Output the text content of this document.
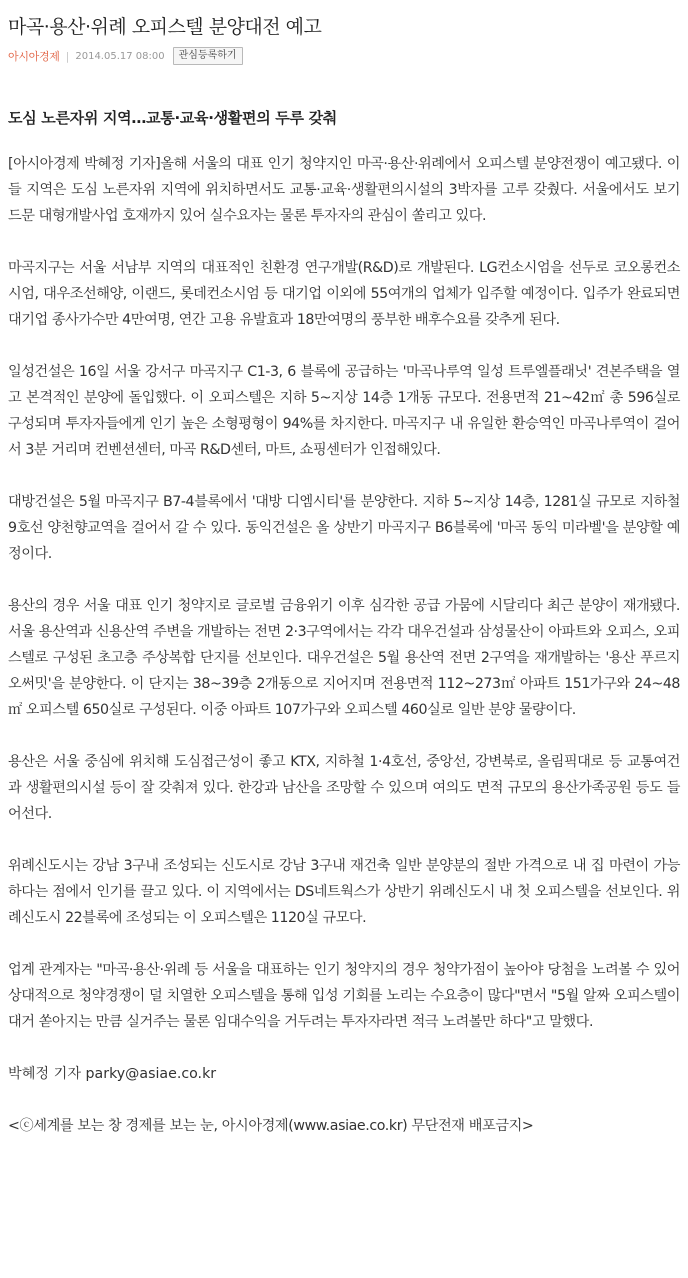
마곡·용산·위례 오피스텔 분양대전 예고
아시아경제 | 2014.05.17 08:00	관심등록하기
도심 노른자위 지역…교통·교육·생활편의 두루 갖춰

[아시아경제 박혜정 기자]올해 서울의 대표 인기 청약지인 마곡·용산·위례에서 오피스텔 분양전쟁이 예고됐다. 이들 지역은 도심 노른자위 지역에 위치하면서도 교통·교육·생활편의시설의 3박자를 고루 갖췄다. 서울에서도 보기 드문 대형개발사업 호재까지 있어 실수요자는 물론 투자자의 관심이 쏠리고 있다.

마곡지구는 서울 서남부 지역의 대표적인 친환경 연구개발(R&D)로 개발된다. LG컨소시엄을 선두로 코오롱컨소시엄, 대우조선해양, 이랜드, 롯데컨소시엄 등 대기업 이외에 55여개의 업체가 입주할 예정이다. 입주가 완료되면 대기업 종사가수만 4만여명, 연간 고용 유발효과 18만여명의 풍부한 배후수요를 갖추게 된다.

일성건설은 16일 서울 강서구 마곡지구 C1-3, 6 블록에 공급하는 '마곡나루역 일성 트루엘플래닛' 견본주택을 열고 본격적인 분양에 돌입했다. 이 오피스텔은 지하 5~지상 14층 1개동 규모다. 전용면적 21~42㎡ 총 596실로 구성되며 투자자들에게 인기 높은 소형평형이 94%를 차지한다. 마곡지구 내 유일한 환승역인 마곡나루역이 걸어서 3분 거리며 컨벤션센터, 마곡 R&D센터, 마트, 쇼핑센터가 인접해있다.

대방건설은 5월 마곡지구 B7-4블록에서 '대방 디엠시티'를 분양한다. 지하 5~지상 14층, 1281실 규모로 지하철 9호선 양천향교역을 걸어서 갈 수 있다. 동익건설은 올 상반기 마곡지구 B6블록에 '마곡 동익 미라벨'을 분양할 예정이다.

용산의 경우 서울 대표 인기 청약지로 글로벌 금융위기 이후 심각한 공급 가뭄에 시달리다 최근 분양이 재개됐다. 서울 용산역과 신용산역 주변을 개발하는 전면 2·3구역에서는 각각 대우건설과 삼성물산이 아파트와 오피스, 오피스텔로 구성된 초고층 주상복합 단지를 선보인다. 대우건설은 5월 용산역 전면 2구역을 재개발하는 '용산 푸르지오써밋'을 분양한다. 이 단지는 38~39층 2개동으로 지어지며 전용면적 112~273㎡ 아파트 151가구와 24~48㎡ 오피스텔 650실로 구성된다. 이중 아파트 107가구와 오피스텔 460실로 일반 분양 물량이다.

용산은 서울 중심에 위치해 도심접근성이 좋고 KTX, 지하철 1·4호선, 중앙선, 강변북로, 올림픽대로 등 교통여건과 생활편의시설 등이 잘 갖춰져 있다. 한강과 남산을 조망할 수 있으며 여의도 면적 규모의 용산가족공원 등도 들어선다.

위례신도시는 강남 3구내 조성되는 신도시로 강남 3구내 재건축 일반 분양분의 절반 가격으로 내 집 마련이 가능하다는 점에서 인기를 끌고 있다. 이 지역에서는 DS네트웍스가 상반기 위례신도시 내 첫 오피스텔을 선보인다. 위례신도시 22블록에 조성되는 이 오피스텔은 1120실 규모다.

업계 관계자는 "마곡·용산·위례 등 서울을 대표하는 인기 청약지의 경우 청약가점이 높아야 당첨을 노려볼 수 있어 상대적으로 청약경쟁이 덜 치열한 오피스텔을 통해 입성 기회를 노리는 수요층이 많다"면서 "5월 알짜 오피스텔이 대거 쏟아지는 만큼 실거주는 물론 임대수익을 거두려는 투자자라면 적극 노려볼만 하다"고 말했다.

박혜정 기자 parky@asiae.co.kr

<ⓒ세계를 보는 창 경제를 보는 눈, 아시아경제(www.asiae.co.kr) 무단전재 배포금지>
